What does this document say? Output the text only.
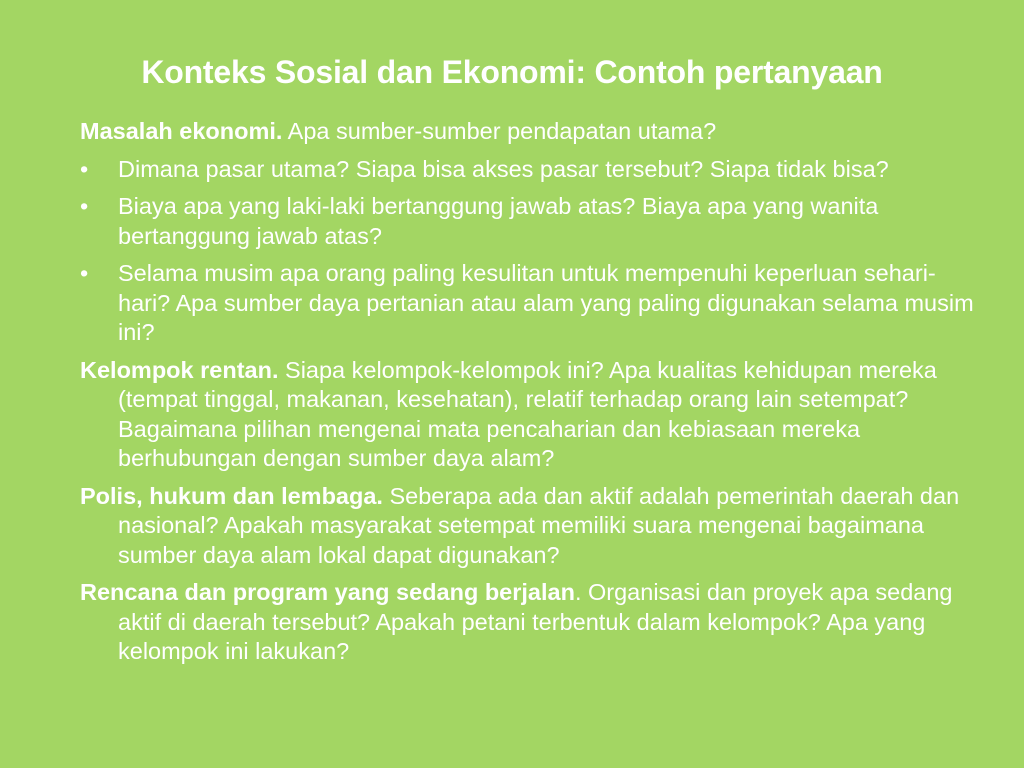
Konteks Sosial dan Ekonomi: Contoh pertanyaan
Masalah ekonomi. Apa sumber-sumber pendapatan utama?
•	Dimana pasar utama? Siapa bisa akses pasar tersebut? Siapa tidak bisa?
•	Biaya apa yang laki-laki bertanggung jawab atas? Biaya apa yang wanita bertanggung jawab atas?
•	Selama musim apa orang paling kesulitan untuk mempenuhi keperluan sehari-hari? Apa sumber daya pertanian atau alam yang paling digunakan selama musim ini?
Kelompok rentan. Siapa kelompok-kelompok ini? Apa kualitas kehidupan mereka (tempat tinggal, makanan, kesehatan), relatif terhadap orang lain setempat? Bagaimana pilihan mengenai mata pencaharian dan kebiasaan mereka berhubungan dengan sumber daya alam?
Polis, hukum dan lembaga. Seberapa ada dan aktif adalah pemerintah daerah dan nasional? Apakah masyarakat setempat memiliki suara mengenai bagaimana sumber daya alam lokal dapat digunakan?
Rencana dan program yang sedang berjalan. Organisasi dan proyek apa sedang aktif di daerah tersebut? Apakah petani terbentuk dalam kelompok? Apa yang kelompok ini lakukan?
